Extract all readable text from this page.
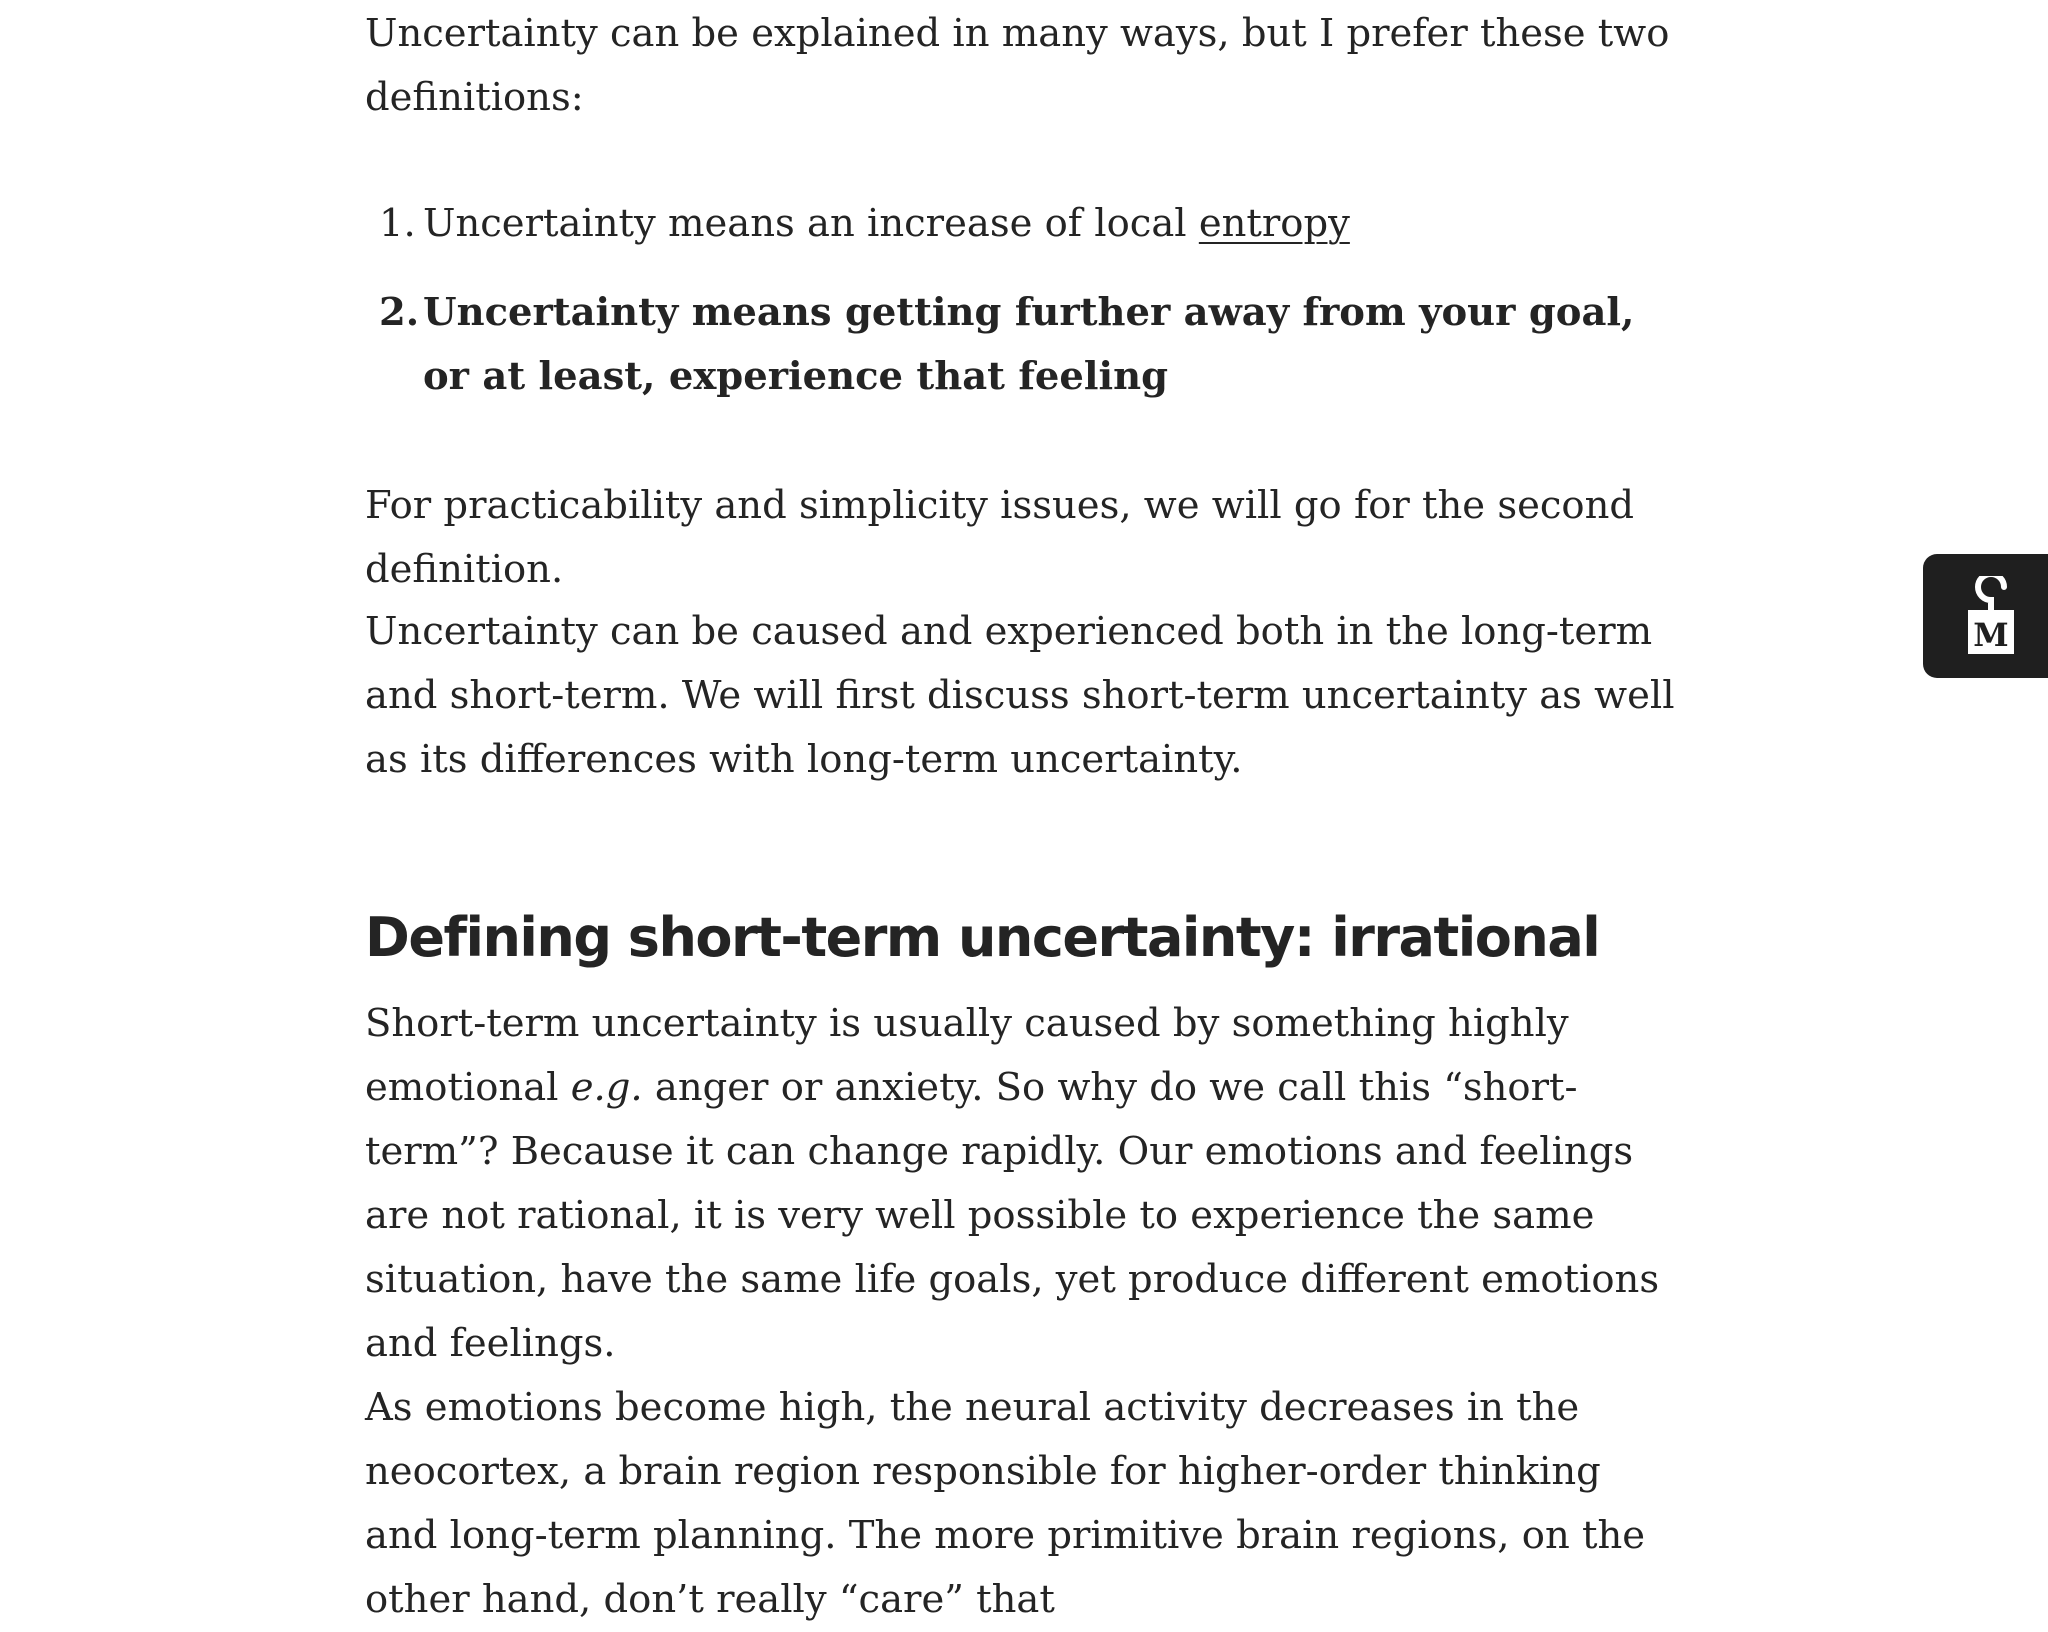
Uncertainty can be explained in many ways, but I prefer these two definitions:

1. Uncertainty means an increase of local entropy
2. Uncertainty means getting further away from your goal, or at least, experience that feeling

For practicability and simplicity issues, we will go for the second definition.

Uncertainty can be caused and experienced both in the long-term and short-term. We will first discuss short-term uncertainty as well as its differences with long-term uncertainty.

Defining short-term uncertainty: irrational

Short-term uncertainty is usually caused by something highly emotional e.g. anger or anxiety. So why do we call this “short-term”? Because it can change rapidly. Our emotions and feelings are not rational, it is very well possible to experience the same situation, have the same life goals, yet produce different emotions and feelings.

As emotions become high, the neural activity decreases in the neocortex, a brain region responsible for higher-order thinking and long-term planning. The more primitive brain regions, on the other hand, don’t really “care” that

M
